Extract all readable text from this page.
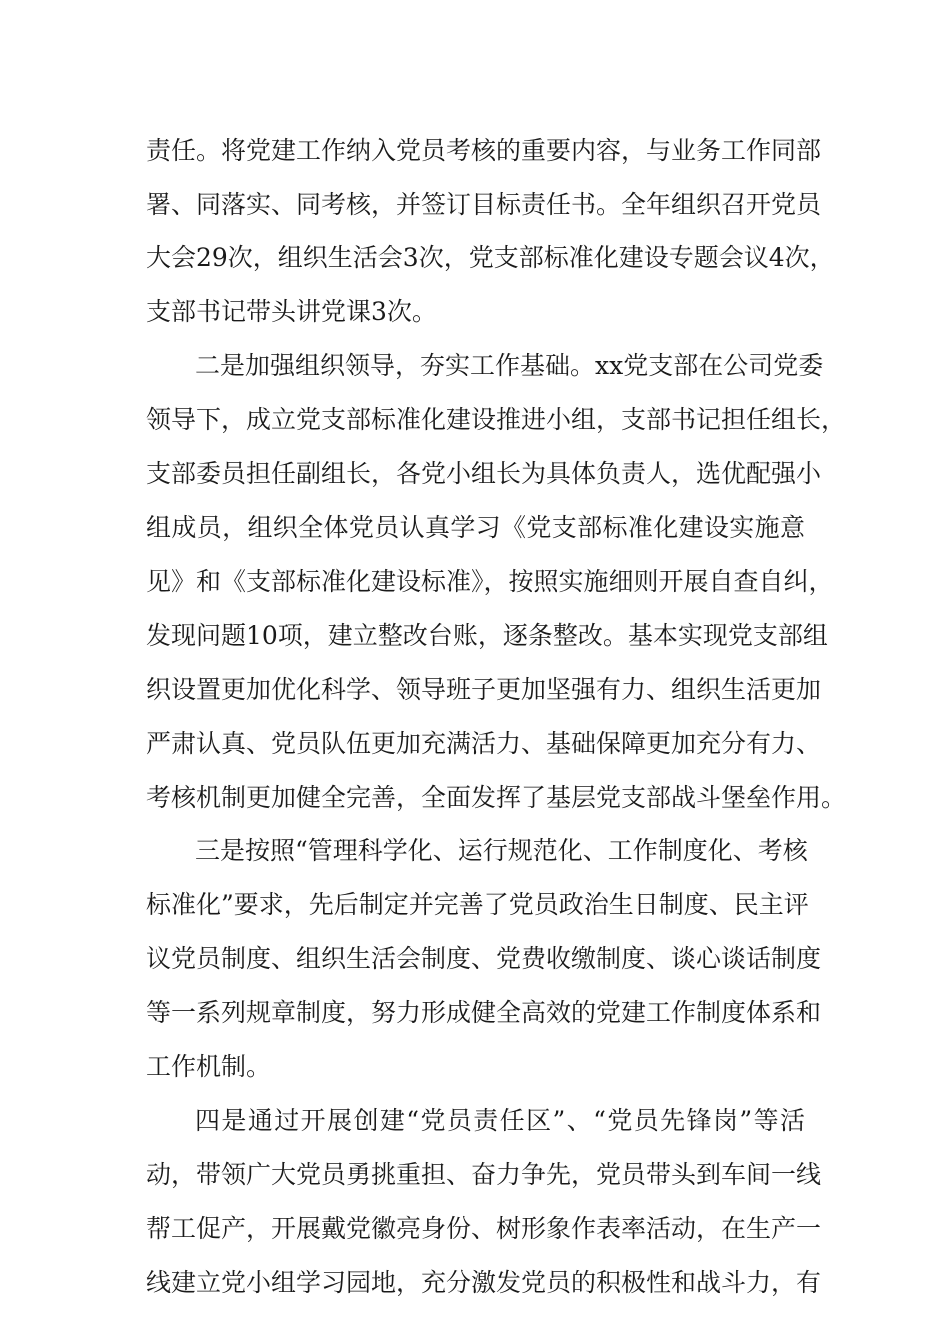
责任。将党建工作纳入党员考核的重要内容，与业务工作同部
署、同落实、同考核，并签订目标责任书。全年组织召开党员
大会29次，组织生活会3次，党支部标准化建设专题会议4次，
支部书记带头讲党课3次。
二是加强组织领导，夯实工作基础。xx党支部在公司党委
领导下，成立党支部标准化建设推进小组，支部书记担任组长，
支部委员担任副组长，各党小组长为具体负责人，选优配强小
组成员，组织全体党员认真学习《党支部标准化建设实施意
见》和《支部标准化建设标准》，按照实施细则开展自查自纠，
发现问题10项，建立整改台账，逐条整改。基本实现党支部组
织设置更加优化科学、领导班子更加坚强有力、组织生活更加
严肃认真、党员队伍更加充满活力、基础保障更加充分有力、
考核机制更加健全完善，全面发挥了基层党支部战斗堡垒作用。
三是按照“管理科学化、运行规范化、工作制度化、考核
标准化”要求，先后制定并完善了党员政治生日制度、民主评
议党员制度、组织生活会制度、党费收缴制度、谈心谈话制度
等一系列规章制度，努力形成健全高效的党建工作制度体系和
工作机制。
四是通过开展创建“党员责任区”、“党员先锋岗”等活
动，带领广大党员勇挑重担、奋力争先，党员带头到车间一线
帮工促产，开展戴党徽亮身份、树形象作表率活动，在生产一
线建立党小组学习园地，充分激发党员的积极性和战斗力，有
